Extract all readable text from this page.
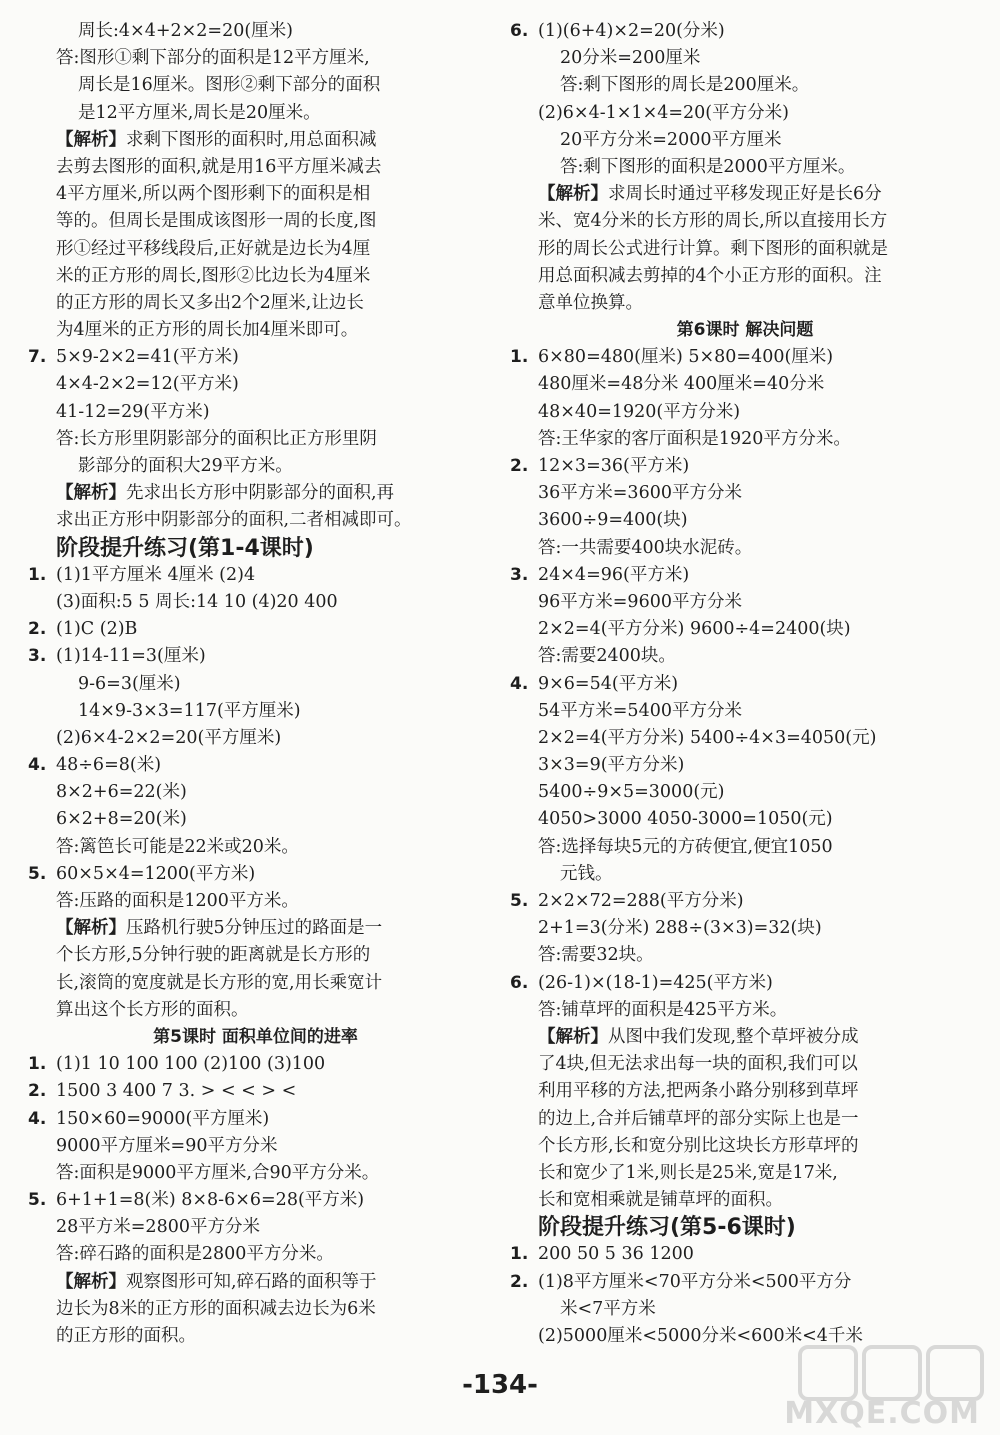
周长:4×4+2×2=20(厘米)
答:图形①剩下部分的面积是12平方厘米,
周长是16厘米。图形②剩下部分的面积
是12平方厘米,周长是20厘米。
【解析】求剩下图形的面积时,用总面积减
去剪去图形的面积,就是用16平方厘米减去
4平方厘米,所以两个图形剩下的面积是相
等的。但周长是围成该图形一周的长度,图
形①经过平移线段后,正好就是边长为4厘
米的正方形的周长,图形②比边长为4厘米
的正方形的周长又多出2个2厘米,让边长
为4厘米的正方形的周长加4厘米即可。
7. 5×9-2×2=41(平方米)
4×4-2×2=12(平方米)
41-12=29(平方米)
答:长方形里阴影部分的面积比正方形里阴
影部分的面积大29平方米。
【解析】先求出长方形中阴影部分的面积,再
求出正方形中阴影部分的面积,二者相减即可。
阶段提升练习(第1-4课时)
1. (1)1平方厘米 4厘米 (2)4
(3)面积:5 5 周长:14 10 (4)20 400
2. (1)C (2)B
3. (1)14-11=3(厘米)
9-6=3(厘米)
14×9-3×3=117(平方厘米)
(2)6×4-2×2=20(平方厘米)
4. 48÷6=8(米)
8×2+6=22(米)
6×2+8=20(米)
答:篱笆长可能是22米或20米。
5. 60×5×4=1200(平方米)
答:压路的面积是1200平方米。
【解析】压路机行驶5分钟压过的路面是一
个长方形,5分钟行驶的距离就是长方形的
长,滚筒的宽度就是长方形的宽,用长乘宽计
算出这个长方形的面积。
第5课时 面积单位间的进率
1. (1)1 10 100 100 (2)100 (3)100
2. 1500 3 400 7 3. > < < > <
4. 150×60=9000(平方厘米)
9000平方厘米=90平方分米
答:面积是9000平方厘米,合90平方分米。
5. 6+1+1=8(米) 8×8-6×6=28(平方米)
28平方米=2800平方分米
答:碎石路的面积是2800平方分米。
【解析】观察图形可知,碎石路的面积等于
边长为8米的正方形的面积减去边长为6米
的正方形的面积。
6. (1)(6+4)×2=20(分米)
20分米=200厘米
答:剩下图形的周长是200厘米。
(2)6×4-1×1×4=20(平方分米)
20平方分米=2000平方厘米
答:剩下图形的面积是2000平方厘米。
【解析】求周长时通过平移发现正好是长6分
米、宽4分米的长方形的周长,所以直接用长方
形的周长公式进行计算。剩下图形的面积就是
用总面积减去剪掉的4个小正方形的面积。注
意单位换算。
第6课时 解决问题
1. 6×80=480(厘米) 5×80=400(厘米)
480厘米=48分米 400厘米=40分米
48×40=1920(平方分米)
答:王华家的客厅面积是1920平方分米。
2. 12×3=36(平方米)
36平方米=3600平方分米
3600÷9=400(块)
答:一共需要400块水泥砖。
3. 24×4=96(平方米)
96平方米=9600平方分米
2×2=4(平方分米) 9600÷4=2400(块)
答:需要2400块。
4. 9×6=54(平方米)
54平方米=5400平方分米
2×2=4(平方分米) 5400÷4×3=4050(元)
3×3=9(平方分米)
5400÷9×5=3000(元)
4050>3000 4050-3000=1050(元)
答:选择每块5元的方砖便宜,便宜1050
元钱。
5. 2×2×72=288(平方分米)
2+1=3(分米) 288÷(3×3)=32(块)
答:需要32块。
6. (26-1)×(18-1)=425(平方米)
答:铺草坪的面积是425平方米。
【解析】从图中我们发现,整个草坪被分成
了4块,但无法求出每一块的面积,我们可以
利用平移的方法,把两条小路分别移到草坪
的边上,合并后铺草坪的部分实际上也是一
个长方形,长和宽分别比这块长方形草坪的
长和宽少了1米,则长是25米,宽是17米,
长和宽相乘就是铺草坪的面积。
阶段提升练习(第5-6课时)
1. 200 50 5 36 1200
2. (1)8平方厘米<70平方分米<500平方分
米<7平方米
(2)5000厘米<5000分米<600米<4千米
-134-
MXQE.COM
